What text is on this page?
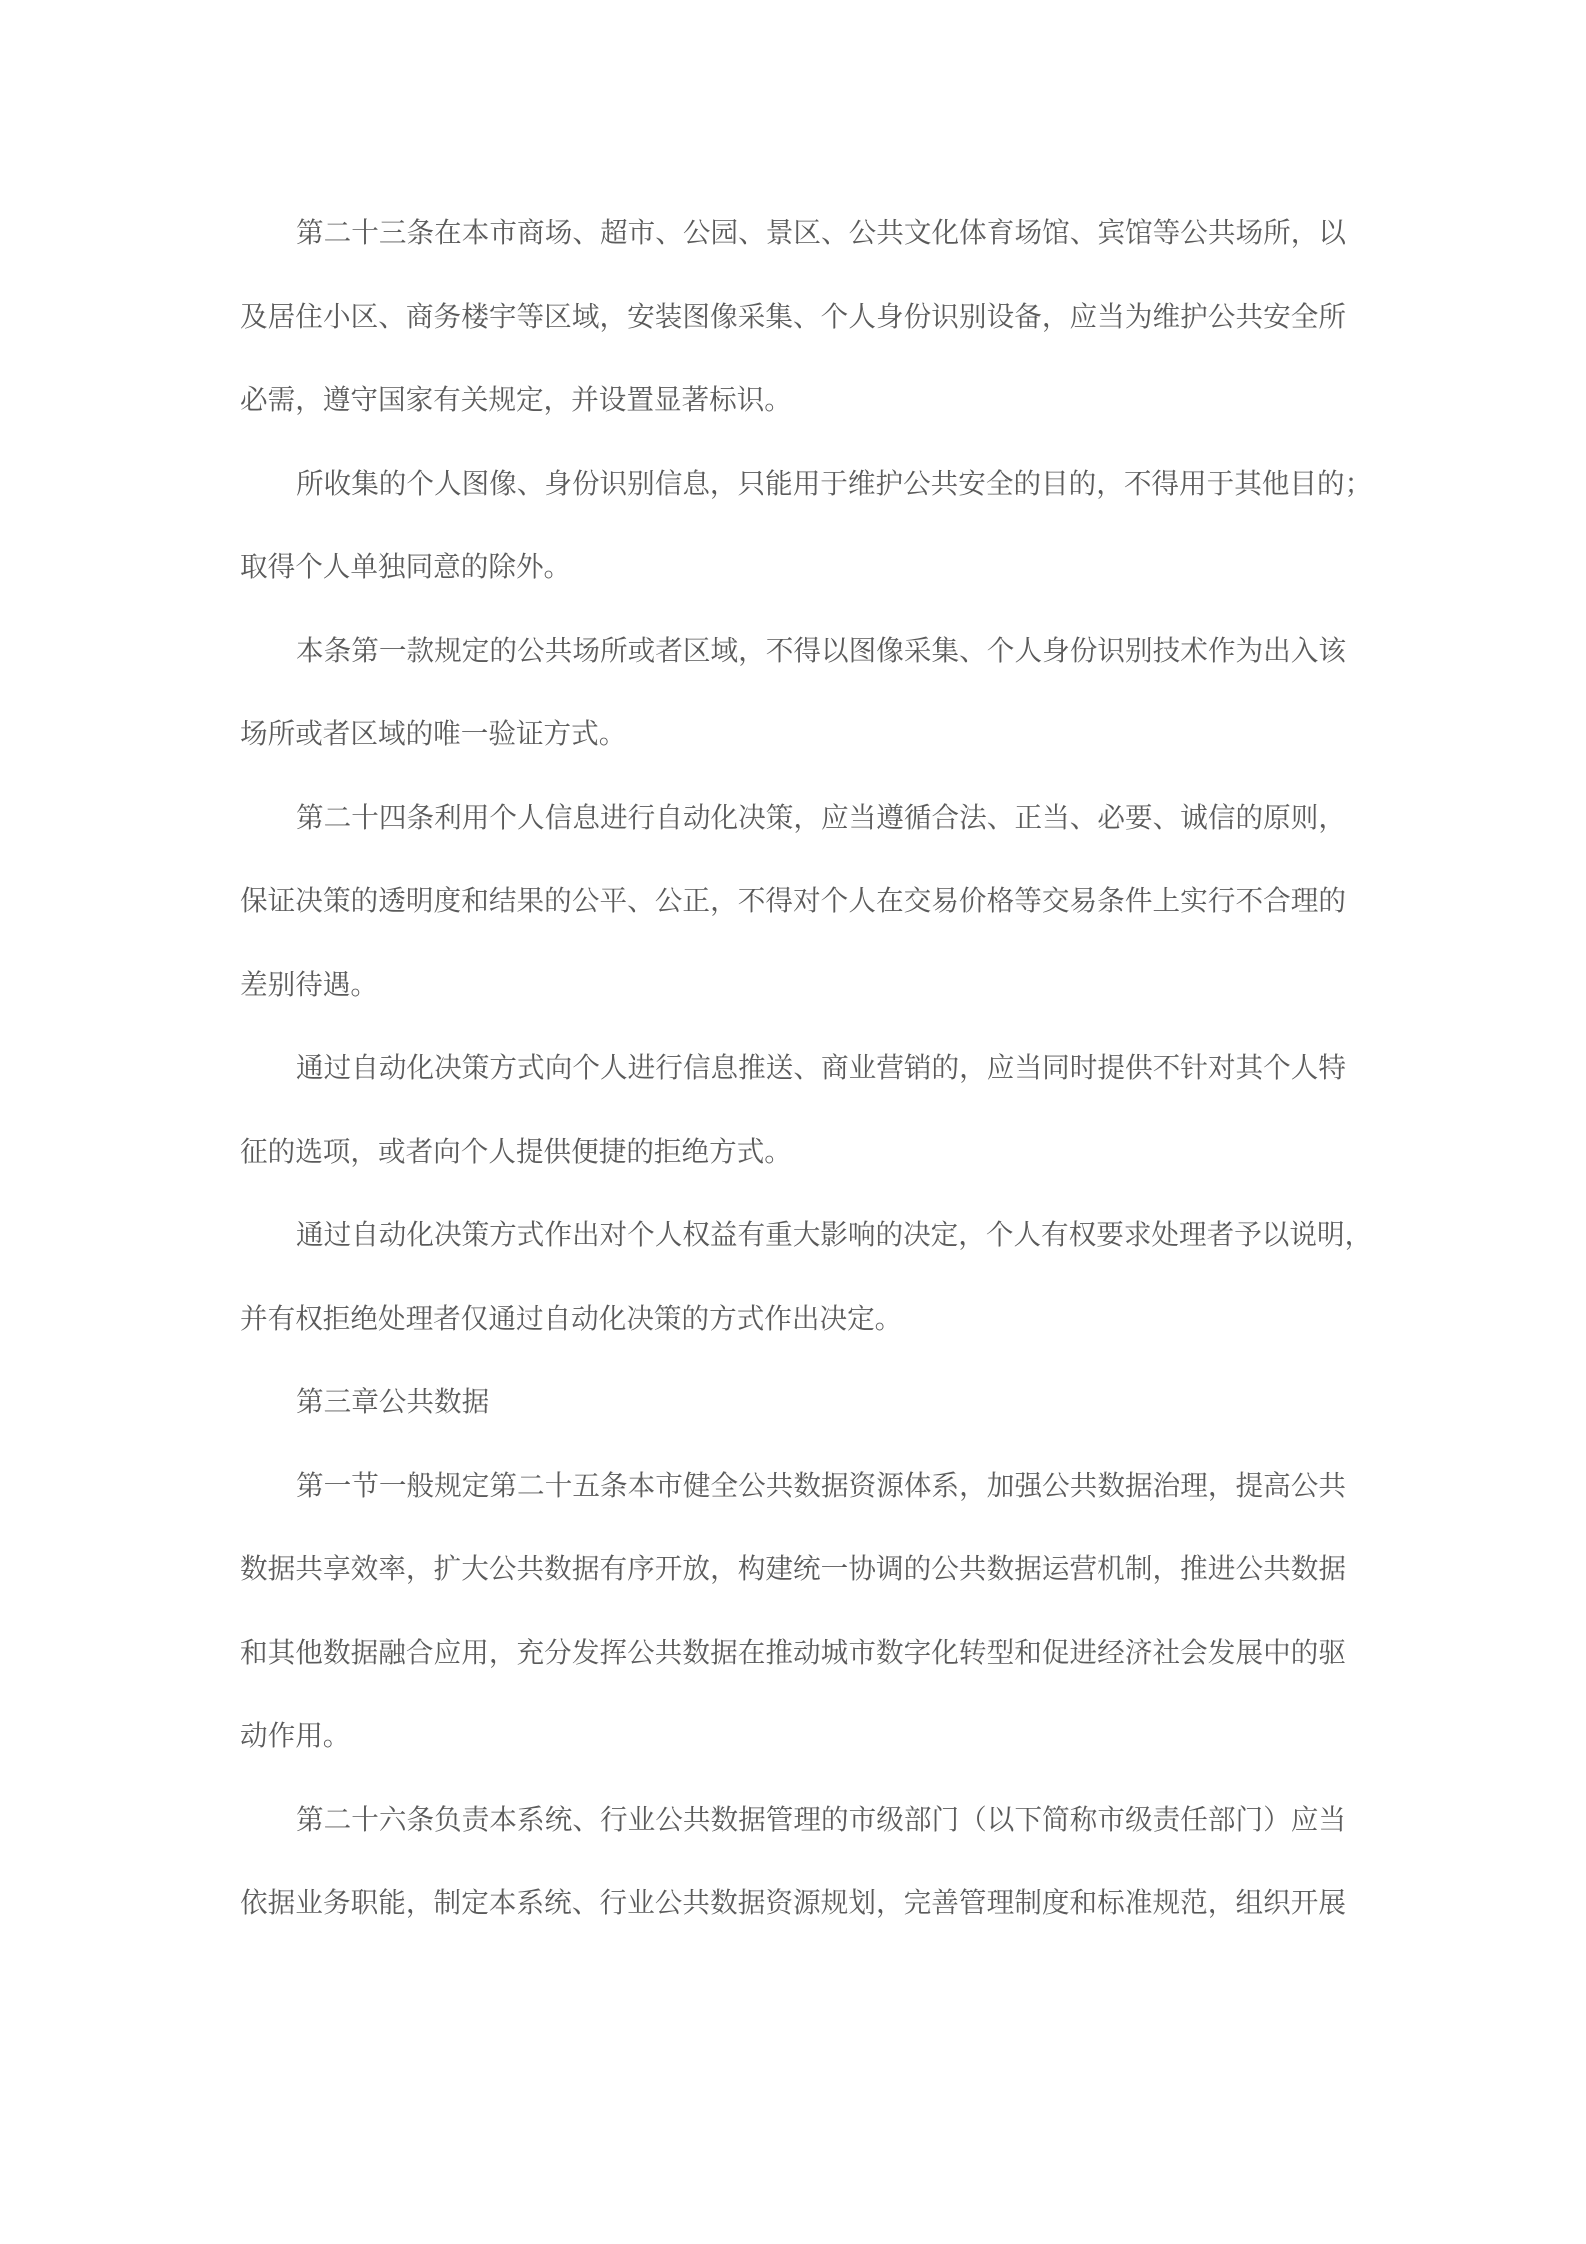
第二十三条在本市商场、超市、公园、景区、公共文化体育场馆、宾馆等公共场所，以
及居住小区、商务楼宇等区域，安装图像采集、个人身份识别设备，应当为维护公共安全所
必需，遵守国家有关规定，并设置显著标识。

所收集的个人图像、身份识别信息，只能用于维护公共安全的目的，不得用于其他目的；
取得个人单独同意的除外。

本条第一款规定的公共场所或者区域，不得以图像采集、个人身份识别技术作为出入该
场所或者区域的唯一验证方式。

第二十四条利用个人信息进行自动化决策，应当遵循合法、正当、必要、诚信的原则，
保证决策的透明度和结果的公平、公正，不得对个人在交易价格等交易条件上实行不合理的
差别待遇。

通过自动化决策方式向个人进行信息推送、商业营销的，应当同时提供不针对其个人特
征的选项，或者向个人提供便捷的拒绝方式。

通过自动化决策方式作出对个人权益有重大影响的决定，个人有权要求处理者予以说明，
并有权拒绝处理者仅通过自动化决策的方式作出决定。

第三章公共数据

第一节一般规定第二十五条本市健全公共数据资源体系，加强公共数据治理，提高公共
数据共享效率，扩大公共数据有序开放，构建统一协调的公共数据运营机制，推进公共数据
和其他数据融合应用，充分发挥公共数据在推动城市数字化转型和促进经济社会发展中的驱
动作用。

第二十六条负责本系统、行业公共数据管理的市级部门（以下简称市级责任部门）应当
依据业务职能，制定本系统、行业公共数据资源规划，完善管理制度和标准规范，组织开展
